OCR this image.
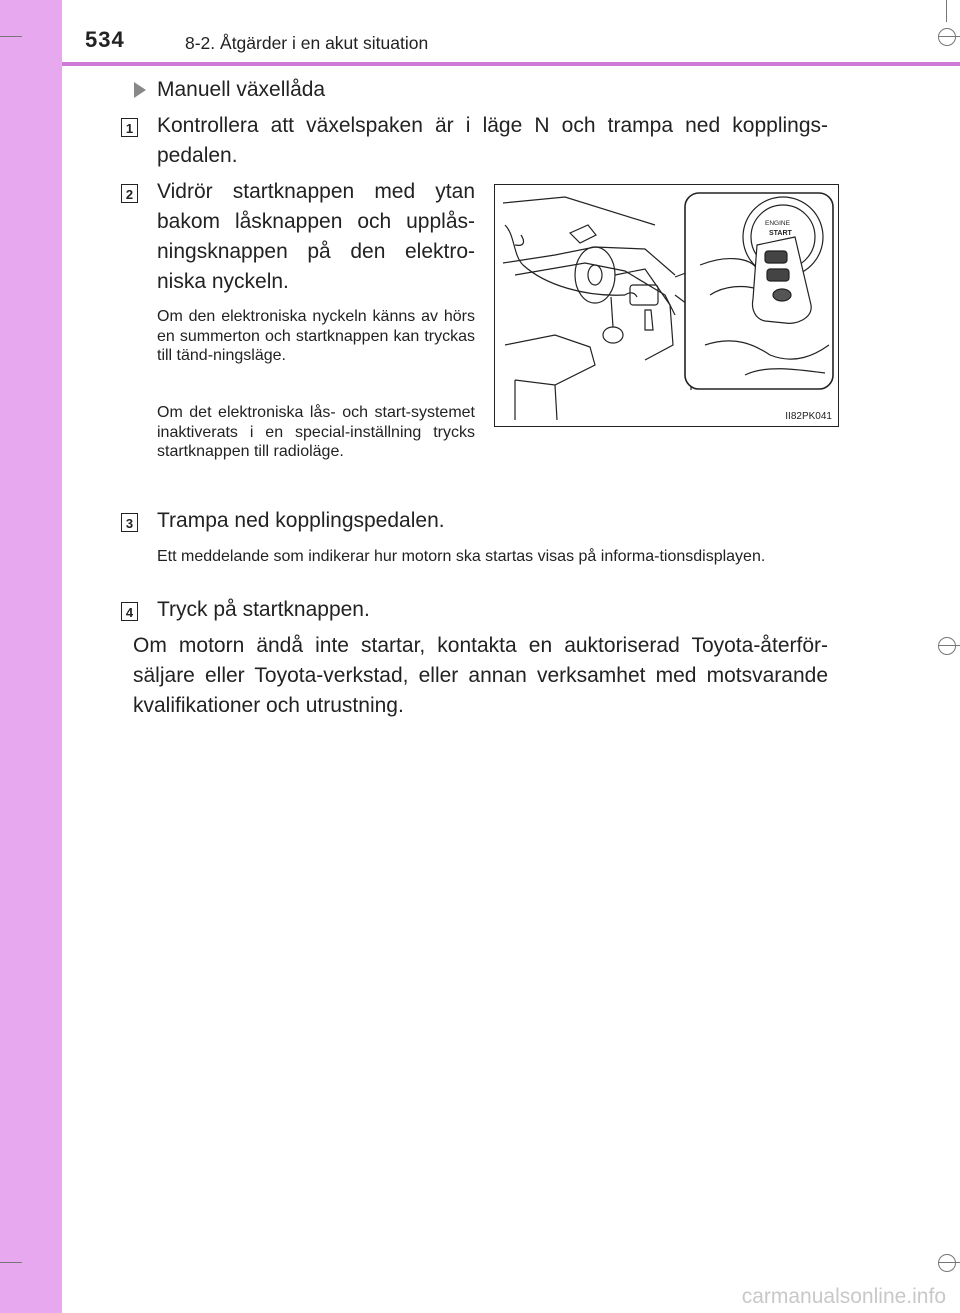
534	8-2. Åtgärder i en akut situation
Manuell växellåda
1 Kontrollera att växelspaken är i läge N och trampa ned kopplings-
pedalen.
2 Vidrör startknappen med ytan
bakom låsknappen och upplås-
ningsknappen på den elektro-
niska nyckeln.
Om den elektroniska nyckeln känns av hörs en summerton och startknappen kan tryckas till tänd-ningsläge.
Om det elektroniska lås- och start-systemet inaktiverats i en special-inställning trycks startknappen till radioläge.
ENGINE
START
II82PK041
3 Trampa ned kopplingspedalen.
Ett meddelande som indikerar hur motorn ska startas visas på informa-tionsdisplayen.
4 Tryck på startknappen.
Om motorn ändå inte startar, kontakta en auktoriserad Toyota-återför-
säljare eller Toyota-verkstad, eller annan verksamhet med motsvarande
kvalifikationer och utrustning.
carmanualsonline.info
